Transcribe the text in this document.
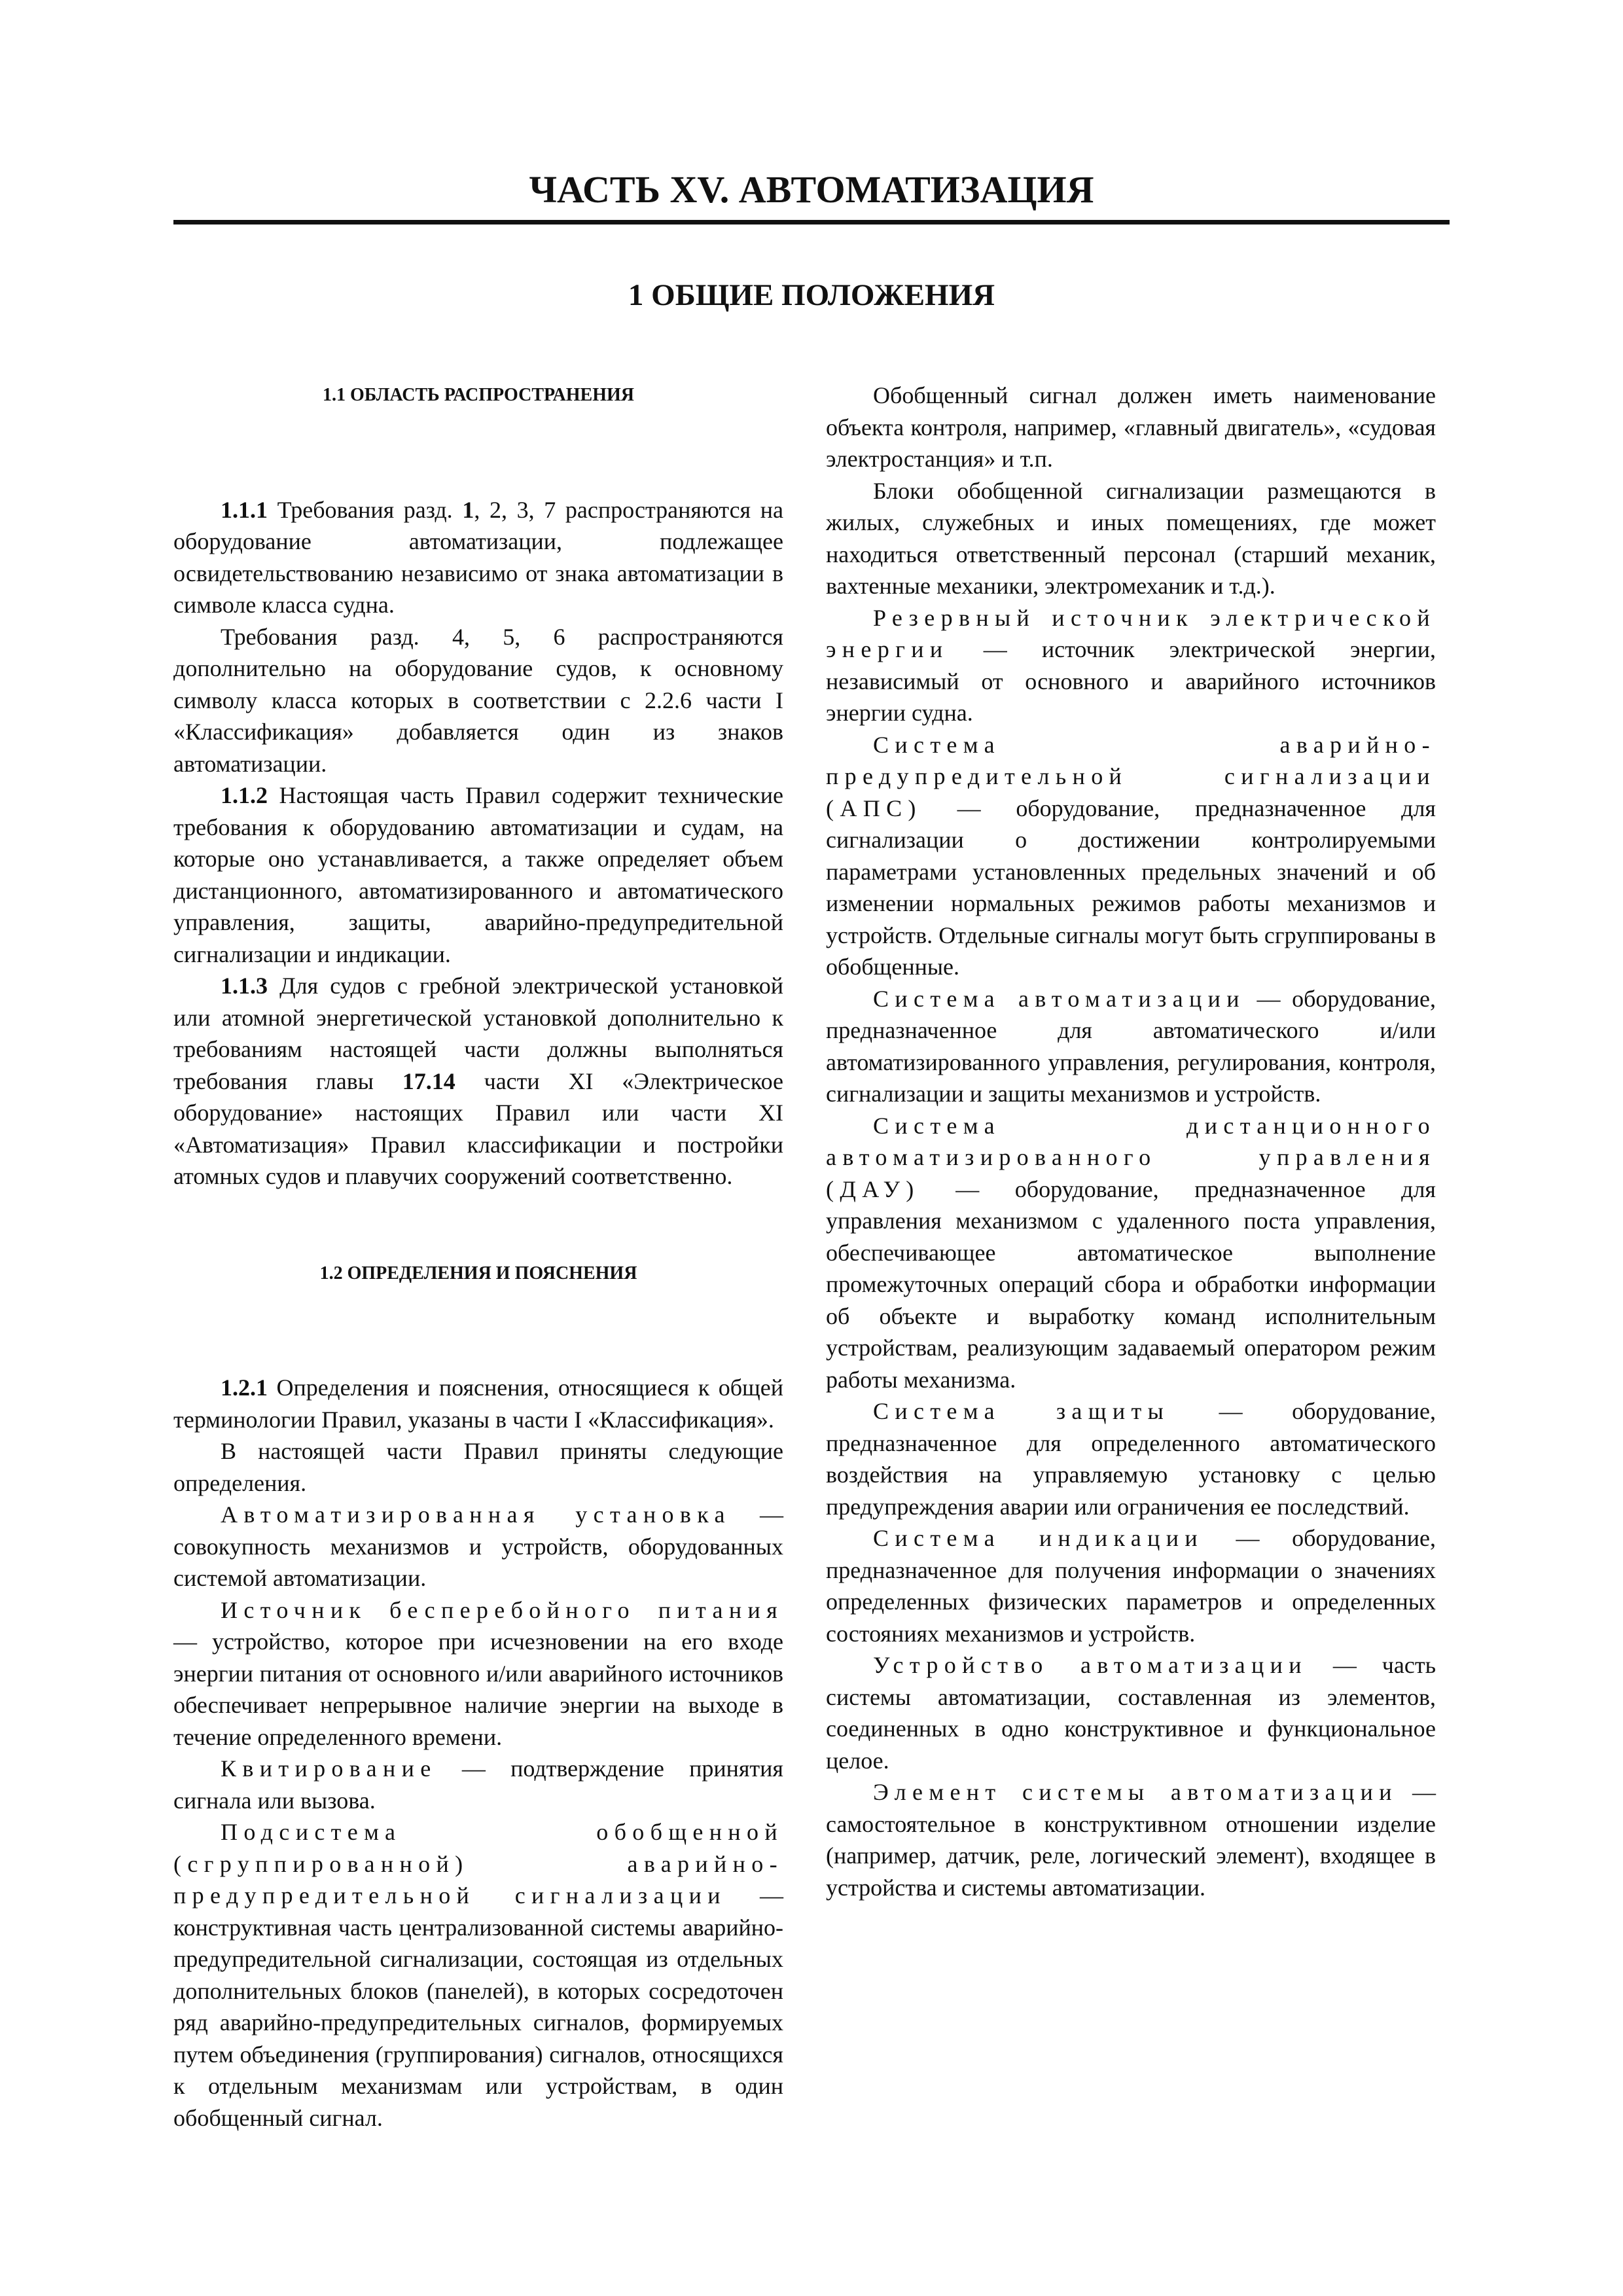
ЧАСТЬ XV. АВТОМАТИЗАЦИЯ
1 ОБЩИЕ ПОЛОЖЕНИЯ
1.1 ОБЛАСТЬ РАСПРОСТРАНЕНИЯ

1.1.1 Требования разд. 1, 2, 3, 7 распространяются на оборудование автоматизации, подлежащее освидетельствованию независимо от знака автоматизации в символе класса судна.

Требования разд. 4, 5, 6 распространяются дополнительно на оборудование судов, к основному символу класса которых в соответствии с 2.2.6 части I «Классификация» добавляется один из знаков автоматизации.

1.1.2 Настоящая часть Правил содержит технические требования к оборудованию автоматизации и судам, на которые оно устанавливается, а также определяет объем дистанционного, автоматизированного и автоматического управления, защиты, аварийно-предупредительной сигнализации и индикации.

1.1.3 Для судов с гребной электрической установкой или атомной энергетической установкой дополнительно к требованиям настоящей части должны выполняться требования главы 17.14 части XI «Электрическое оборудование» настоящих Правил или части XI «Автоматизация» Правил классификации и постройки атомных судов и плавучих сооружений соответственно.

1.2 ОПРЕДЕЛЕНИЯ И ПОЯСНЕНИЯ

1.2.1 Определения и пояснения, относящиеся к общей терминологии Правил, указаны в части I «Классификация».

В настоящей части Правил приняты следующие определения.

Автоматизированная установка — совокупность механизмов и устройств, оборудованных системой автоматизации.

Источник бесперебойного питания — устройство, которое при исчезновении на его входе энергии питания от основного и/или аварийного источников обеспечивает непрерывное наличие энергии на выходе в течение определенного времени.

Квитирование — подтверждение принятия сигнала или вызова.

Подсистема обобщенной (сгруппированной) аварийно-предупредительной сигнализации — конструктивная часть централизованной системы аварийно-предупредительной сигнализации, состоящая из отдельных дополнительных блоков (панелей), в которых сосредоточен ряд аварийно-предупредительных сигналов, формируемых путем объединения (группирования) сигналов, относящихся к отдельным механизмам или устройствам, в один обобщенный сигнал.

Обобщенный сигнал должен иметь наименование объекта контроля, например, «главный двигатель», «судовая электростанция» и т.п.

Блоки обобщенной сигнализации размещаются в жилых, служебных и иных помещениях, где может находиться ответственный персонал (старший механик, вахтенные механики, электромеханик и т.д.).

Резервный источник электрической энергии — источник электрической энергии, независимый от основного и аварийного источников энергии судна.

Система аварийно-предупредительной сигнализации (АПС) — оборудование, предназначенное для сигнализации о достижении контролируемыми параметрами установленных предельных значений и об изменении нормальных режимов работы механизмов и устройств. Отдельные сигналы могут быть сгруппированы в обобщенные.

Система автоматизации — оборудование, предназначенное для автоматического и/или автоматизированного управления, регулирования, контроля, сигнализации и защиты механизмов и устройств.

Система дистанционного автоматизированного управления (ДАУ) — оборудование, предназначенное для управления механизмом с удаленного поста управления, обеспечивающее автоматическое выполнение промежуточных операций сбора и обработки информации об объекте и выработку команд исполнительным устройствам, реализующим задаваемый оператором режим работы механизма.

Система защиты — оборудование, предназначенное для определенного автоматического воздействия на управляемую установку с целью предупреждения аварии или ограничения ее последствий.

Система индикации — оборудование, предназначенное для получения информации о значениях определенных физических параметров и определенных состояниях механизмов и устройств.

Устройство автоматизации — часть системы автоматизации, составленная из элементов, соединенных в одно конструктивное и функциональное целое.

Элемент системы автоматизации — самостоятельное в конструктивном отношении изделие (например, датчик, реле, логический элемент), входящее в устройства и системы автоматизации.
